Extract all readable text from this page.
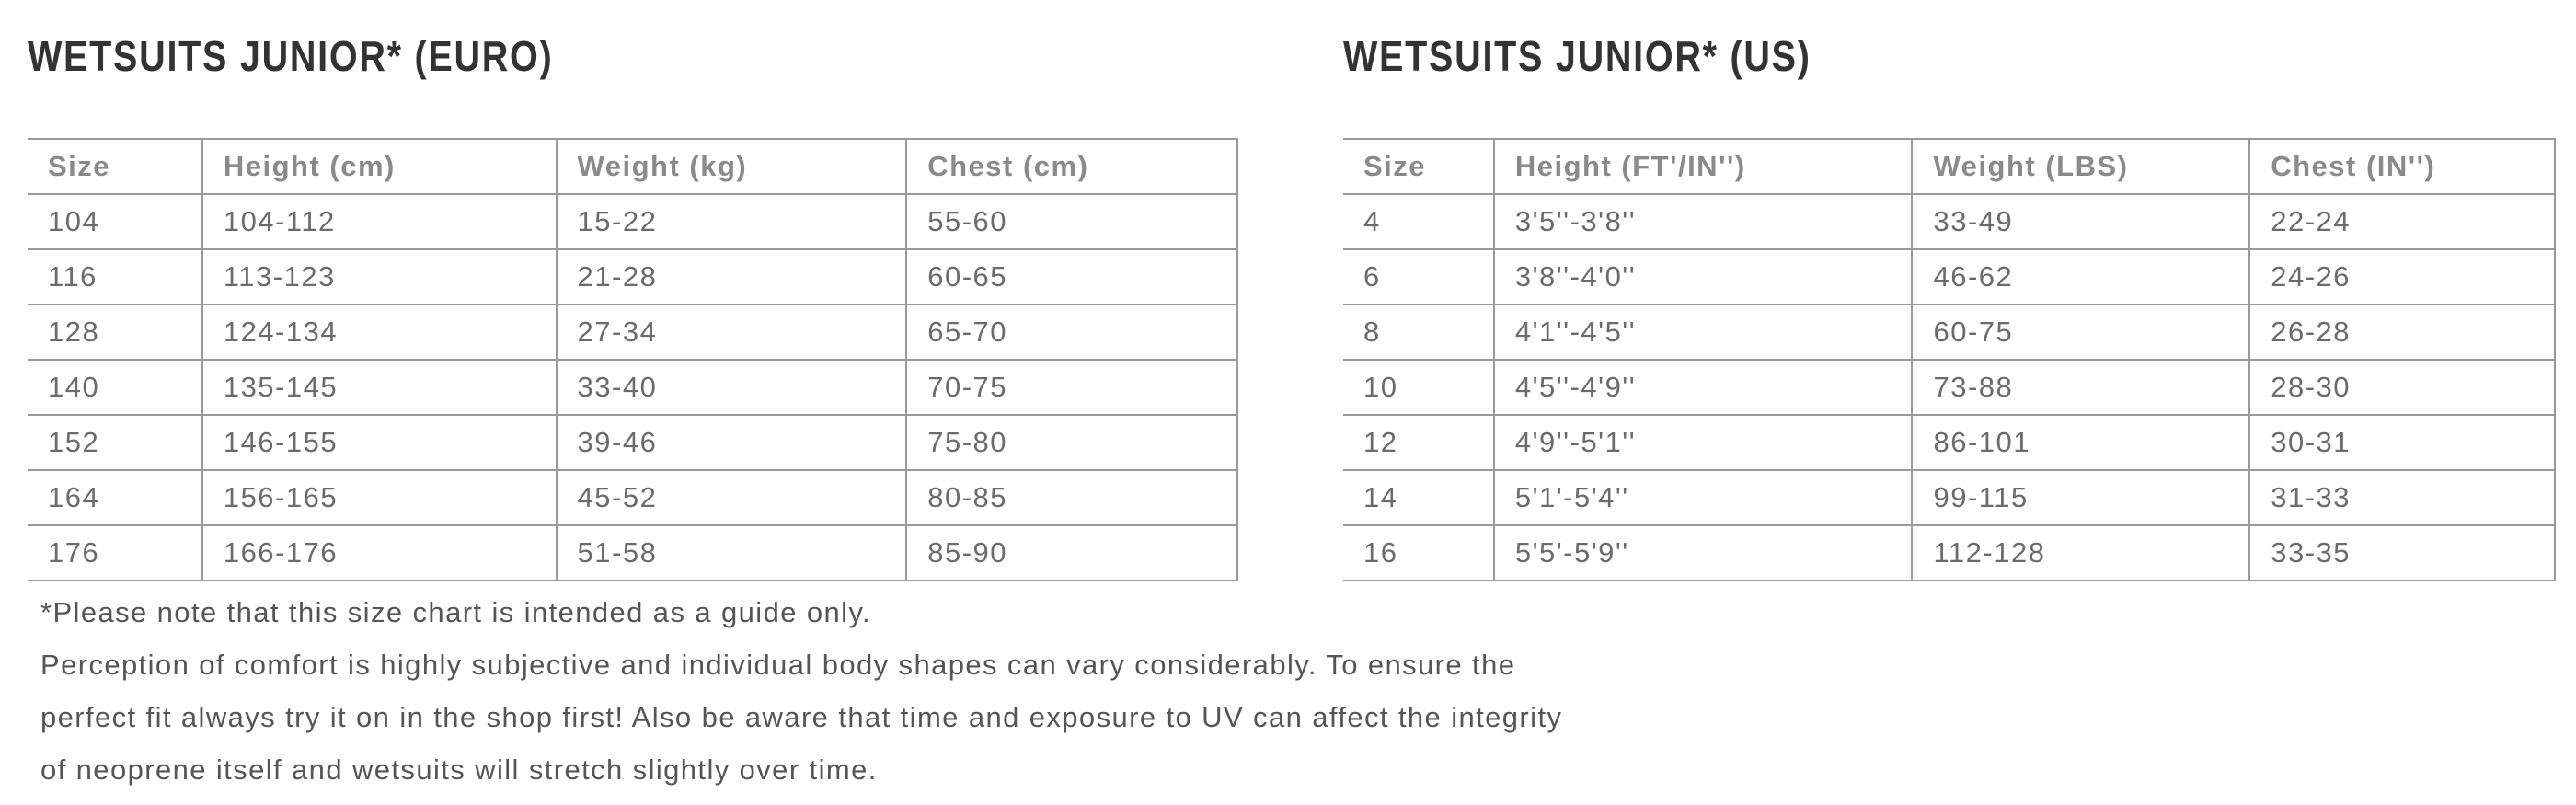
WETSUITS JUNIOR* (EURO)
Size	Height (cm)	Weight (kg)	Chest (cm)
104	104-112	15-22	55-60
116	113-123	21-28	60-65
128	124-134	27-34	65-70
140	135-145	33-40	70-75
152	146-155	39-46	75-80
164	156-165	45-52	80-85
176	166-176	51-58	85-90
WETSUITS JUNIOR* (US)
Size	Height (FT'/IN'')	Weight (LBS)	Chest (IN'')
4	3'5''-3'8''	33-49	22-24
6	3'8''-4'0''	46-62	24-26
8	4'1''-4'5''	60-75	26-28
10	4'5''-4'9''	73-88	28-30
12	4'9''-5'1''	86-101	30-31
14	5'1'-5'4''	99-115	31-33
16	5'5'-5'9''	112-128	33-35

*Please note that this size chart is intended as a guide only.

Perception of comfort is highly subjective and individual body shapes can vary considerably. To ensure the

perfect fit always try it on in the shop first! Also be aware that time and exposure to UV can affect the integrity

of neoprene itself and wetsuits will stretch slightly over time.
